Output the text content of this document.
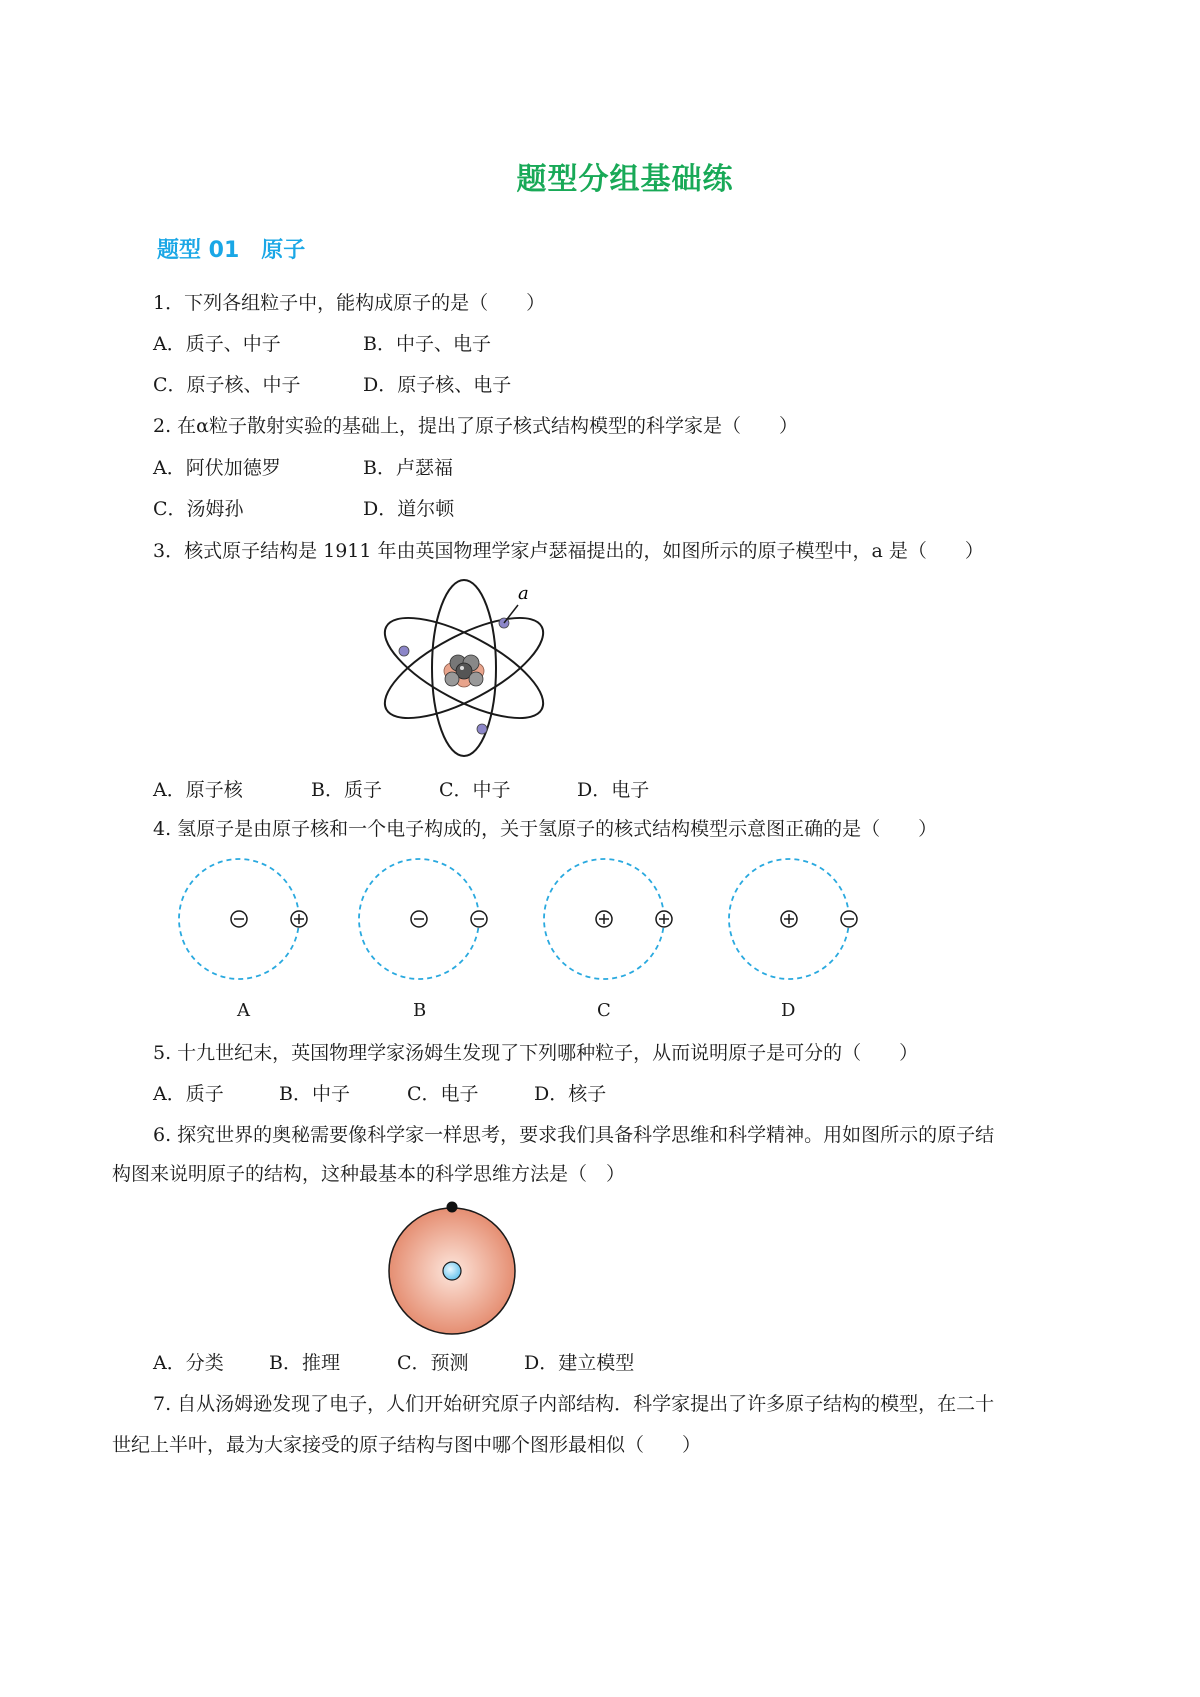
题型分组基础练
题型 01　原子
1．下列各组粒子中，能构成原子的是（　　）
A．质子、中子	B．中子、电子
C．原子核、中子	D．原子核、电子
2. 在α粒子散射实验的基础上，提出了原子核式结构模型的科学家是（　　）
A．阿伏加德罗	B．卢瑟福
C．汤姆孙	D．道尔顿
3．核式原子结构是 1911 年由英国物理学家卢瑟福提出的，如图所示的原子模型中，a 是（　　）
a
A．原子核	B．质子	C．中子	D．电子
4. 氢原子是由原子核和一个电子构成的，关于氢原子的核式结构模型示意图正确的是（　　）
A	B	C	D
5. 十九世纪末，英国物理学家汤姆生发现了下列哪种粒子，从而说明原子是可分的（　　）
A．质子	B．中子	C．电子	D．核子
6. 探究世界的奥秘需要像科学家一样思考，要求我们具备科学思维和科学精神。用如图所示的原子结
构图来说明原子的结构，这种最基本的科学思维方法是（　）
A．分类 B．推理	C．预测	D．建立模型
7. 自从汤姆逊发现了电子，人们开始研究原子内部结构．科学家提出了许多原子结构的模型，在二十
世纪上半叶，最为大家接受的原子结构与图中哪个图形最相似（　　）
